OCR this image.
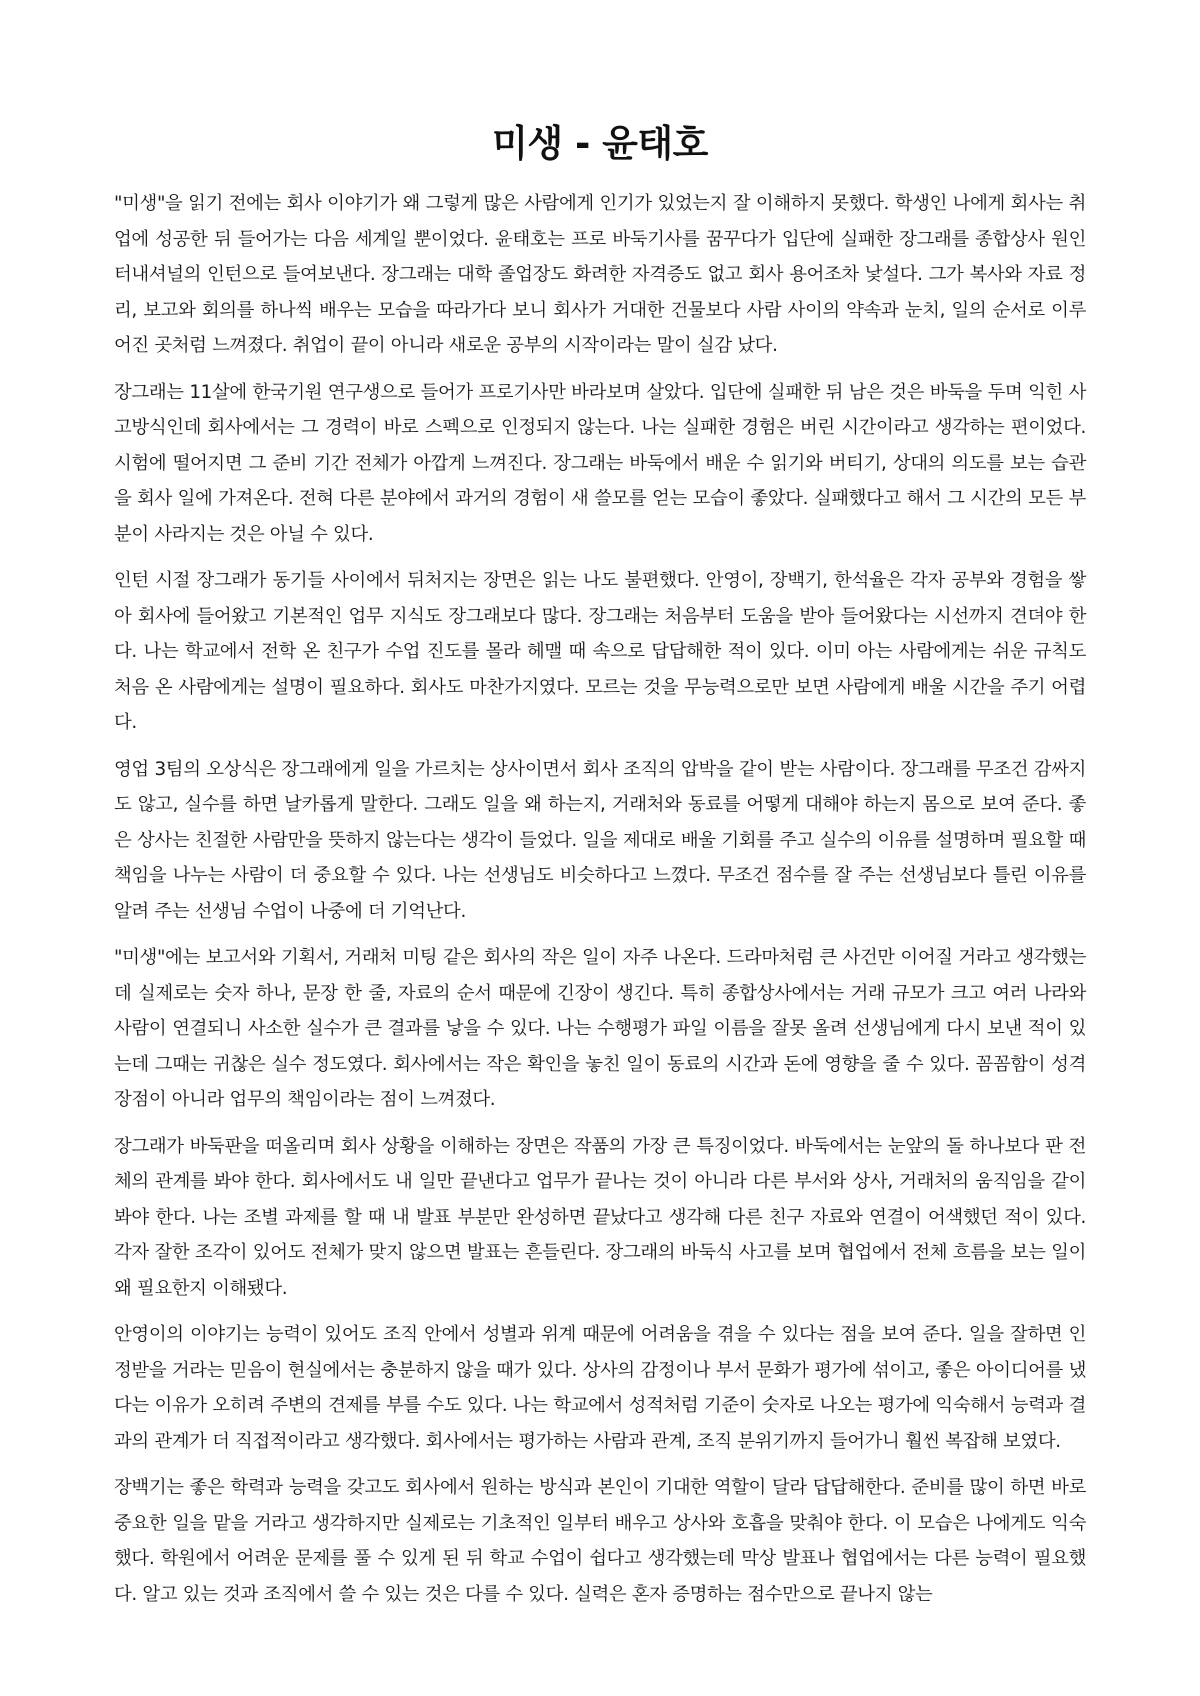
미생 - 윤태호

"미생"을 읽기 전에는 회사 이야기가 왜 그렇게 많은 사람에게 인기가 있었는지 잘 이해하지 못했다. 학생인 나에게 회사는 취업에 성공한 뒤 들어가는 다음 세계일 뿐이었다. 윤태호는 프로 바둑기사를 꿈꾸다가 입단에 실패한 장그래를 종합상사 원인터내셔널의 인턴으로 들여보낸다. 장그래는 대학 졸업장도 화려한 자격증도 없고 회사 용어조차 낯설다. 그가 복사와 자료 정리, 보고와 회의를 하나씩 배우는 모습을 따라가다 보니 회사가 거대한 건물보다 사람 사이의 약속과 눈치, 일의 순서로 이루어진 곳처럼 느껴졌다. 취업이 끝이 아니라 새로운 공부의 시작이라는 말이 실감 났다.

장그래는 11살에 한국기원 연구생으로 들어가 프로기사만 바라보며 살았다. 입단에 실패한 뒤 남은 것은 바둑을 두며 익힌 사고방식인데 회사에서는 그 경력이 바로 스펙으로 인정되지 않는다. 나는 실패한 경험은 버린 시간이라고 생각하는 편이었다. 시험에 떨어지면 그 준비 기간 전체가 아깝게 느껴진다. 장그래는 바둑에서 배운 수 읽기와 버티기, 상대의 의도를 보는 습관을 회사 일에 가져온다. 전혀 다른 분야에서 과거의 경험이 새 쓸모를 얻는 모습이 좋았다. 실패했다고 해서 그 시간의 모든 부분이 사라지는 것은 아닐 수 있다.

인턴 시절 장그래가 동기들 사이에서 뒤처지는 장면은 읽는 나도 불편했다. 안영이, 장백기, 한석율은 각자 공부와 경험을 쌓아 회사에 들어왔고 기본적인 업무 지식도 장그래보다 많다. 장그래는 처음부터 도움을 받아 들어왔다는 시선까지 견뎌야 한다. 나는 학교에서 전학 온 친구가 수업 진도를 몰라 헤맬 때 속으로 답답해한 적이 있다. 이미 아는 사람에게는 쉬운 규칙도 처음 온 사람에게는 설명이 필요하다. 회사도 마찬가지였다. 모르는 것을 무능력으로만 보면 사람에게 배울 시간을 주기 어렵다.

영업 3팀의 오상식은 장그래에게 일을 가르치는 상사이면서 회사 조직의 압박을 같이 받는 사람이다. 장그래를 무조건 감싸지도 않고, 실수를 하면 날카롭게 말한다. 그래도 일을 왜 하는지, 거래처와 동료를 어떻게 대해야 하는지 몸으로 보여 준다. 좋은 상사는 친절한 사람만을 뜻하지 않는다는 생각이 들었다. 일을 제대로 배울 기회를 주고 실수의 이유를 설명하며 필요할 때 책임을 나누는 사람이 더 중요할 수 있다. 나는 선생님도 비슷하다고 느꼈다. 무조건 점수를 잘 주는 선생님보다 틀린 이유를 알려 주는 선생님 수업이 나중에 더 기억난다.

"미생"에는 보고서와 기획서, 거래처 미팅 같은 회사의 작은 일이 자주 나온다. 드라마처럼 큰 사건만 이어질 거라고 생각했는데 실제로는 숫자 하나, 문장 한 줄, 자료의 순서 때문에 긴장이 생긴다. 특히 종합상사에서는 거래 규모가 크고 여러 나라와 사람이 연결되니 사소한 실수가 큰 결과를 낳을 수 있다. 나는 수행평가 파일 이름을 잘못 올려 선생님에게 다시 보낸 적이 있는데 그때는 귀찮은 실수 정도였다. 회사에서는 작은 확인을 놓친 일이 동료의 시간과 돈에 영향을 줄 수 있다. 꼼꼼함이 성격 장점이 아니라 업무의 책임이라는 점이 느껴졌다.

장그래가 바둑판을 떠올리며 회사 상황을 이해하는 장면은 작품의 가장 큰 특징이었다. 바둑에서는 눈앞의 돌 하나보다 판 전체의 관계를 봐야 한다. 회사에서도 내 일만 끝낸다고 업무가 끝나는 것이 아니라 다른 부서와 상사, 거래처의 움직임을 같이 봐야 한다. 나는 조별 과제를 할 때 내 발표 부분만 완성하면 끝났다고 생각해 다른 친구 자료와 연결이 어색했던 적이 있다. 각자 잘한 조각이 있어도 전체가 맞지 않으면 발표는 흔들린다. 장그래의 바둑식 사고를 보며 협업에서 전체 흐름을 보는 일이 왜 필요한지 이해됐다.

안영이의 이야기는 능력이 있어도 조직 안에서 성별과 위계 때문에 어려움을 겪을 수 있다는 점을 보여 준다. 일을 잘하면 인정받을 거라는 믿음이 현실에서는 충분하지 않을 때가 있다. 상사의 감정이나 부서 문화가 평가에 섞이고, 좋은 아이디어를 냈다는 이유가 오히려 주변의 견제를 부를 수도 있다. 나는 학교에서 성적처럼 기준이 숫자로 나오는 평가에 익숙해서 능력과 결과의 관계가 더 직접적이라고 생각했다. 회사에서는 평가하는 사람과 관계, 조직 분위기까지 들어가니 훨씬 복잡해 보였다.

장백기는 좋은 학력과 능력을 갖고도 회사에서 원하는 방식과 본인이 기대한 역할이 달라 답답해한다. 준비를 많이 하면 바로 중요한 일을 맡을 거라고 생각하지만 실제로는 기초적인 일부터 배우고 상사와 호흡을 맞춰야 한다. 이 모습은 나에게도 익숙했다. 학원에서 어려운 문제를 풀 수 있게 된 뒤 학교 수업이 쉽다고 생각했는데 막상 발표나 협업에서는 다른 능력이 필요했다. 알고 있는 것과 조직에서 쓸 수 있는 것은 다를 수 있다. 실력은 혼자 증명하는 점수만으로 끝나지 않는
